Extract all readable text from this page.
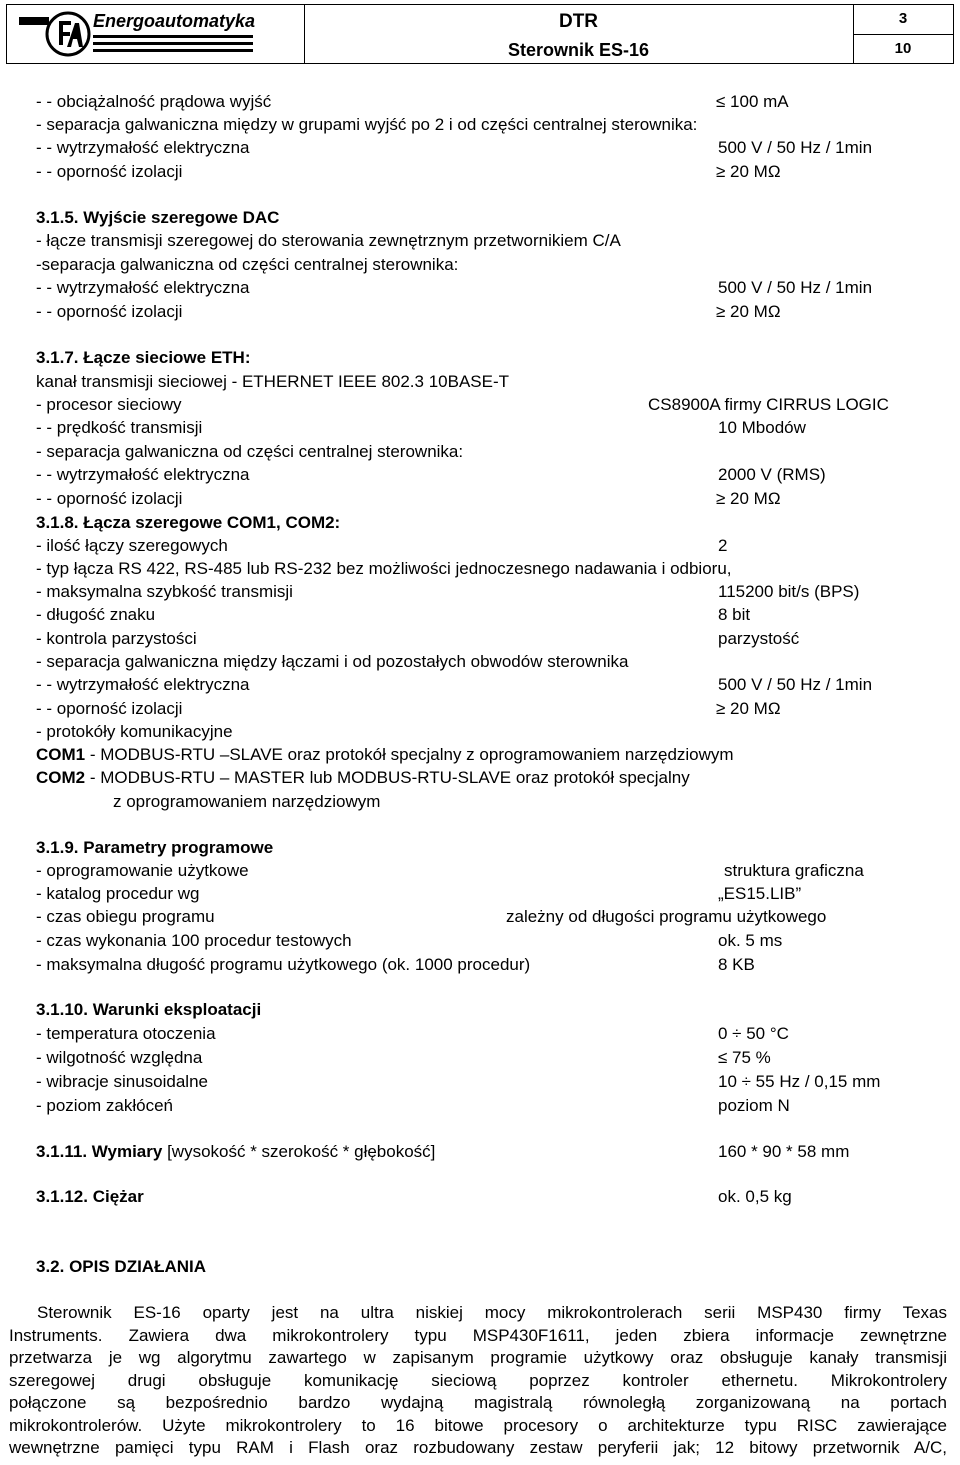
Energoautomatyka	DTR
Sterownik ES-16
3
10
- - obciążalność prądowa wyjść	≤ 100 mA
- separacja galwaniczna między w grupami wyjść po 2 i od części centralnej sterownika:
- - wytrzymałość elektryczna	500 V / 50 Hz / 1min
- - oporność izolacji	≥ 20 MΩ
3.1.5. Wyjście szeregowe DAC
- łącze transmisji szeregowej do sterowania zewnętrznym przetwornikiem C/A
-separacja galwaniczna od części centralnej sterownika:
- - wytrzymałość elektryczna	500 V / 50 Hz / 1min
- - oporność izolacji	≥ 20 MΩ
3.1.7. Łącze sieciowe ETH:
kanał transmisji sieciowej - ETHERNET IEEE 802.3 10BASE-T
- procesor sieciowy	CS8900A firmy CIRRUS LOGIC
- - prędkość transmisji	10 Mbodów
- separacja galwaniczna od części centralnej sterownika:
- - wytrzymałość elektryczna	2000 V (RMS)
- - oporność izolacji	≥ 20 MΩ
3.1.8. Łącza szeregowe COM1, COM2:
- ilość łączy szeregowych	2
- typ łącza RS 422, RS-485 lub RS-232 bez możliwości jednoczesnego nadawania i odbioru,
- maksymalna szybkość transmisji	115200 bit/s (BPS)
- długość znaku	8 bit
- kontrola parzystości	parzystość
- separacja galwaniczna między łączami i od pozostałych obwodów sterownika
- - wytrzymałość elektryczna	500 V / 50 Hz / 1min
- - oporność izolacji	≥ 20 MΩ
- protokóły komunikacyjne
COM1 - MODBUS-RTU –SLAVE oraz protokół specjalny z oprogramowaniem narzędziowym
COM2 - MODBUS-RTU – MASTER lub MODBUS-RTU-SLAVE oraz protokół specjalny
z oprogramowaniem narzędziowym
3.1.9. Parametry programowe
- oprogramowanie użytkowe	struktura graficzna
- katalog procedur wg	„ES15.LIB”
- czas obiegu programu	zależny od długości programu użytkowego
- czas wykonania 100 procedur testowych	ok. 5 ms
- maksymalna długość programu użytkowego (ok. 1000 procedur)	8 KB
3.1.10. Warunki eksploatacji
- temperatura otoczenia	0 ÷ 50 °C
- wilgotność względna	≤ 75 %
- wibracje sinusoidalne	10 ÷ 55 Hz / 0,15 mm
- poziom zakłóceń	poziom N
3.1.11. Wymiary [wysokość * szerokość * głębokość]	160 * 90 * 58 mm
3.1.12. Ciężar	ok. 0,5 kg
3.2. OPIS DZIAŁANIA

Sterownik ES-16 oparty jest na ultra niskiej mocy mikrokontrolerach serii MSP430 firmy Texas

Instruments. Zawiera dwa mikrokontrolery typu MSP430F1611, jeden zbiera informacje zewnętrzne

przetwarza je wg algorytmu zawartego w zapisanym programie użytkowy oraz obsługuje kanały transmisji

szeregowej drugi obsługuje komunikację sieciową poprzez kontroler ethernetu. Mikrokontrolery

połączone są bezpośrednio bardzo wydajną magistralą równoległą zorganizowaną na portach

mikrokontrolerów. Użyte mikrokontrolery to 16 bitowe procesory o architekturze typu RISC zawierające

wewnętrzne pamięci typu RAM i Flash oraz rozbudowany zestaw peryferii jak; 12 bitowy przetwornik A/C,
